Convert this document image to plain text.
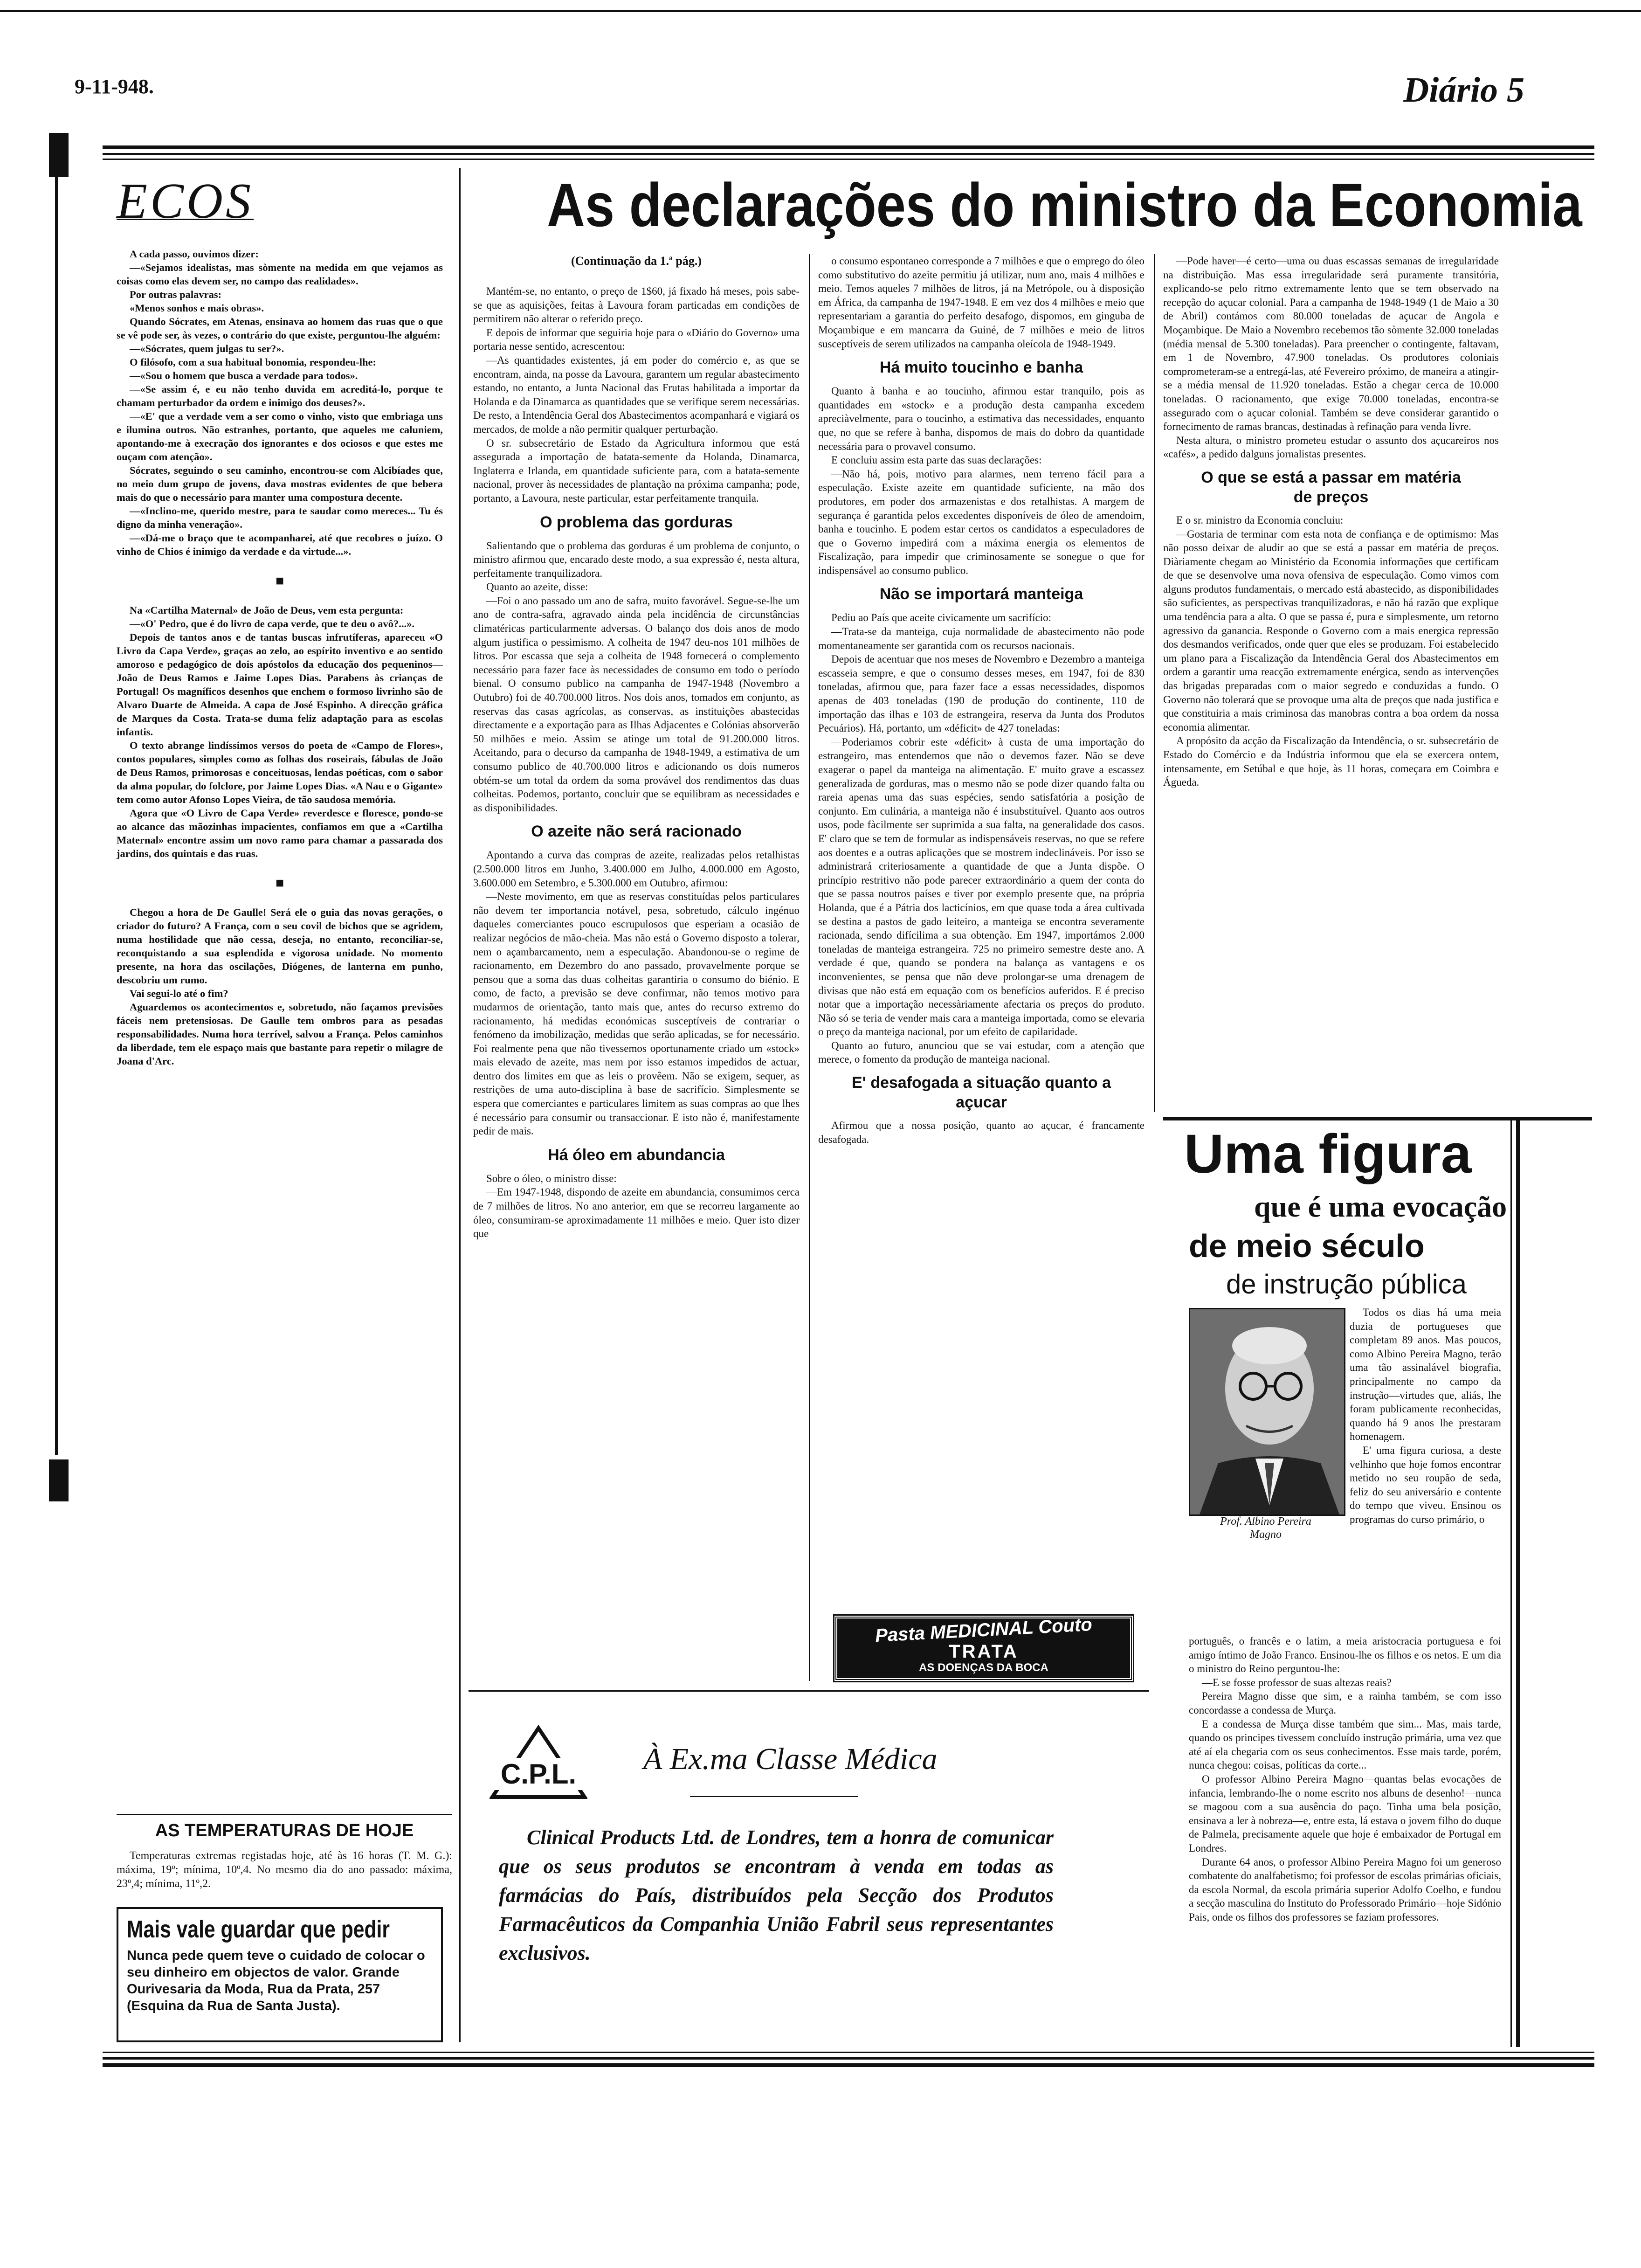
9-11-948.	Diário 5
ECOS

A cada passo, ouvimos dizer:

—«Sejamos idealistas, mas sòmente na medida em que vejamos as coisas como elas devem ser, no campo das realidades».

Por outras palavras:

«Menos sonhos e mais obras».

Quando Sócrates, em Atenas, ensinava ao homem das ruas que o que se vê pode ser, às vezes, o contrário do que existe, perguntou-lhe alguém:

—«Sócrates, quem julgas tu ser?».

O filósofo, com a sua habitual bonomia, respondeu-lhe:

—«Sou o homem que busca a verdade para todos».

—«Se assim é, e eu não tenho duvida em acreditá-lo, porque te chamam perturbador da ordem e inimigo dos deuses?».

—«E' que a verdade vem a ser como o vinho, visto que embriaga uns e ilumina outros. Não estranhes, portanto, que aqueles me caluniem, apontando-me à execração dos ignorantes e dos ociosos e que estes me ouçam com atenção».

Sócrates, seguindo o seu caminho, encontrou-se com Alcibíades que, no meio dum grupo de jovens, dava mostras evidentes de que bebera mais do que o necessário para manter uma compostura decente.

—«Inclino-me, querido mestre, para te saudar como mereces... Tu és digno da minha veneração».

—«Dá-me o braço que te acompanharei, até que recobres o juízo. O vinho de Chios é inimigo da verdade e da virtude...».

■

Na «Cartilha Maternal» de João de Deus, vem esta pergunta:

—«O' Pedro, que é do livro de capa verde, que te deu o avô?...».

Depois de tantos anos e de tantas buscas infrutíferas, apareceu «O Livro da Capa Verde», graças ao zelo, ao espírito inventivo e ao sentido amoroso e pedagógico de dois apóstolos da educação dos pequeninos—João de Deus Ramos e Jaime Lopes Dias. Parabens às crianças de Portugal! Os magníficos desenhos que enchem o formoso livrinho são de Alvaro Duarte de Almeida. A capa de José Espinho. A direcção gráfica de Marques da Costa. Trata-se duma feliz adaptação para as escolas infantis.

O texto abrange lindíssimos versos do poeta de «Campo de Flores», contos populares, simples como as folhas dos roseirais, fábulas de João de Deus Ramos, primorosas e conceituosas, lendas poéticas, com o sabor da alma popular, do folclore, por Jaime Lopes Dias. «A Nau e o Gigante» tem como autor Afonso Lopes Vieira, de tão saudosa memória.

Agora que «O Livro de Capa Verde» reverdesce e floresce, pondo-se ao alcance das mãozinhas impacientes, confiamos em que a «Cartilha Maternal» encontre assim um novo ramo para chamar a passarada dos jardins, dos quintais e das ruas.

■

Chegou a hora de De Gaulle! Será ele o guia das novas gerações, o criador do futuro? A França, com o seu covil de bichos que se agridem, numa hostilidade que não cessa, deseja, no entanto, reconciliar-se, reconquistando a sua esplendida e vigorosa unidade. No momento presente, na hora das oscilações, Diógenes, de lanterna em punho, descobriu um rumo.

Vai segui-lo até o fim?

Aguardemos os acontecimentos e, sobretudo, não façamos previsões fáceis nem pretensiosas. De Gaulle tem ombros para as pesadas responsabilidades. Numa hora terrível, salvou a França. Pelos caminhos da liberdade, tem ele espaço mais que bastante para repetir o milagre de Joana d'Arc.

AS TEMPERATURAS DE HOJE
Temperaturas extremas registadas hoje, até às 16 horas (T. M. G.): máxima, 19º; mínima, 10º,4. No mesmo dia do ano passado: máxima, 23º,4; mínima, 11º,2.
Mais vale guardar que pedir
Nunca pede quem teve o cuidado de colocar o seu dinheiro em objectos de valor. Grande Ourivesaria da Moda, Rua da Prata, 257 (Esquina da Rua de Santa Justa).
As declarações do ministro da Economia
(Continuação da 1.ª pág.)

Mantém-se, no entanto, o preço de 1$60, já fixado há meses, pois sabe-se que as aquisições, feitas à Lavoura foram particadas em condições de permitirem não alterar o referido preço.

E depois de informar que seguiria hoje para o «Diário do Governo» uma portaria nesse sentido, acrescentou:

—As quantidades existentes, já em poder do comércio e, as que se encontram, ainda, na posse da Lavoura, garantem um regular abastecimento estando, no entanto, a Junta Nacional das Frutas habilitada a importar da Holanda e da Dinamarca as quantidades que se verifique serem necessárias. De resto, a Intendência Geral dos Abastecimentos acompanhará e vigiará os mercados, de molde a não permitir qualquer perturbação.

O sr. subsecretário de Estado da Agricultura informou que está assegurada a importação de batata-semente da Holanda, Dinamarca, Inglaterra e Irlanda, em quantidade suficiente para, com a batata-semente nacional, prover às necessidades de plantação na próxima campanha; pode, portanto, a Lavoura, neste particular, estar perfeitamente tranquila.

O problema das gorduras

Salientando que o problema das gorduras é um problema de conjunto, o ministro afirmou que, encarado deste modo, a sua expressão é, nesta altura, perfeitamente tranquilizadora.

Quanto ao azeite, disse:

—Foi o ano passado um ano de safra, muito favorável. Segue-se-lhe um ano de contra-safra, agravado ainda pela incidência de circunstâncias climatéricas particularmente adversas. O balanço dos dois anos de modo algum justifica o pessimismo. A colheita de 1947 deu-nos 101 milhões de litros. Por escassa que seja a colheita de 1948 fornecerá o complemento necessário para fazer face às necessidades de consumo em todo o período bienal. O consumo publico na campanha de 1947-1948 (Novembro a Outubro) foi de 40.700.000 litros. Nos dois anos, tomados em conjunto, as reservas das casas agrícolas, as conservas, as instituições abastecidas directamente e a exportação para as Ilhas Adjacentes e Colónias absorverão 50 milhões e meio. Assim se atinge um total de 91.200.000 litros. Aceitando, para o decurso da campanha de 1948-1949, a estimativa de um consumo publico de 40.700.000 litros e adicionando os dois numeros obtém-se um total da ordem da soma provável dos rendimentos das duas colheitas. Podemos, portanto, concluir que se equilibram as necessidades e as disponibilidades.

O azeite não será racionado

Apontando a curva das compras de azeite, realizadas pelos retalhistas (2.500.000 litros em Junho, 3.400.000 em Julho, 4.000.000 em Agosto, 3.600.000 em Setembro, e 5.300.000 em Outubro, afirmou:

—Neste movimento, em que as reservas constituídas pelos particulares não devem ter importancia notável, pesa, sobretudo, cálculo ingénuo daqueles comerciantes pouco escrupulosos que esperiam a ocasião de realizar negócios de mão-cheia. Mas não está o Governo disposto a tolerar, nem o açambarcamento, nem a especulação. Abandonou-se o regime de racionamento, em Dezembro do ano passado, provavelmente porque se pensou que a soma das duas colheitas garantiria o consumo do biénio. E como, de facto, a previsão se deve confirmar, não temos motivo para mudarmos de orientação, tanto mais que, antes do recurso extremo do racionamento, há medidas económicas susceptíveis de contrariar o fenómeno da imobilização, medidas que serão aplicadas, se for necessário. Foi realmente pena que não tivessemos oportunamente criado um «stock» mais elevado de azeite, mas nem por isso estamos impedidos de actuar, dentro dos limites em que as leis o provêem. Não se exigem, sequer, as restrições de uma auto-disciplina à base de sacrifício. Simplesmente se espera que comerciantes e particulares limitem as suas compras ao que lhes é necessário para consumir ou transaccionar. E isto não é, manifestamente pedir de mais.

Há óleo em abundancia

Sobre o óleo, o ministro disse:

—Em 1947-1948, dispondo de azeite em abundancia, consumimos cerca de 7 milhões de litros. No ano anterior, em que se recorreu largamente ao óleo, consumiram-se aproximadamente 11 milhões e meio. Quer isto dizer que

o consumo espontaneo corresponde a 7 milhões e que o emprego do óleo como substitutivo do azeite permitiu já utilizar, num ano, mais 4 milhões e meio. Temos aqueles 7 milhões de litros, já na Metrópole, ou à disposição em África, da campanha de 1947-1948. E em vez dos 4 milhões e meio que representariam a garantia do perfeito desafogo, dispomos, em ginguba de Moçambique e em mancarra da Guiné, de 7 milhões e meio de litros susceptíveis de serem utilizados na campanha oleícola de 1948-1949.

Há muito toucinho e banha

Quanto à banha e ao toucinho, afirmou estar tranquilo, pois as quantidades em «stock» e a produção desta campanha excedem apreciàvelmente, para o toucinho, a estimativa das necessidades, enquanto que, no que se refere à banha, dispomos de mais do dobro da quantidade necessária para o provavel consumo.

E concluiu assim esta parte das suas declarações:

—Não há, pois, motivo para alarmes, nem terreno fácil para a especulação. Existe azeite em quantidade suficiente, na mão dos produtores, em poder dos armazenistas e dos retalhistas. A margem de segurança é garantida pelos excedentes disponíveis de óleo de amendoim, banha e toucinho. E podem estar certos os candidatos a especuladores de que o Governo impedirá com a máxima energia os elementos de Fiscalização, para impedir que criminosamente se sonegue o que for indispensável ao consumo publico.

Não se importará manteiga

Pediu ao País que aceite civicamente um sacrifício:

—Trata-se da manteiga, cuja normalidade de abastecimento não pode momentaneamente ser garantida com os recursos nacionais.

Depois de acentuar que nos meses de Novembro e Dezembro a manteiga escasseia sempre, e que o consumo desses meses, em 1947, foi de 830 toneladas, afirmou que, para fazer face a essas necessidades, dispomos apenas de 403 toneladas (190 de produção do continente, 110 de importação das ilhas e 103 de estrangeira, reserva da Junta dos Produtos Pecuários). Há, portanto, um «déficit» de 427 toneladas:

—Poderiamos cobrir este «déficit» à custa de uma importação do estrangeiro, mas entendemos que não o devemos fazer. Não se deve exagerar o papel da manteiga na alimentação. E' muito grave a escassez generalizada de gorduras, mas o mesmo não se pode dizer quando falta ou rareia apenas uma das suas espécies, sendo satisfatória a posição de conjunto. Em culinária, a manteiga não é insubstituível. Quanto aos outros usos, pode fàcilmente ser suprimida a sua falta, na generalidade dos casos. E' claro que se tem de formular as indispensáveis reservas, no que se refere aos doentes e a outras aplicações que se mostrem indeclináveis. Por isso se administrará criteriosamente a quantidade de que a Junta dispõe. O princípio restritivo não pode parecer extraordinário a quem der conta do que se passa noutros países e tiver por exemplo presente que, na própria Holanda, que é a Pátria dos lacticínios, em que quase toda a área cultivada se destina a pastos de gado leiteiro, a manteiga se encontra severamente racionada, sendo difícilima a sua obtenção. Em 1947, importámos 2.000 toneladas de manteiga estrangeira. 725 no primeiro semestre deste ano. A verdade é que, quando se pondera na balança as vantagens e os inconvenientes, se pensa que não deve prolongar-se uma drenagem de divisas que não está em equação com os benefícios auferidos. E é preciso notar que a importação necessàriamente afectaria os preços do produto. Não só se teria de vender mais cara a manteiga importada, como se elevaria o preço da manteiga nacional, por um efeito de capilaridade.

Quanto ao futuro, anunciou que se vai estudar, com a atenção que merece, o fomento da produção de manteiga nacional.

E' desafogada a situação quanto a açucar

Afirmou que a nossa posição, quanto ao açucar, é francamente desafogada.

Pasta MEDICINAL Couto
TRATA
AS DOENÇAS DA BOCA

—Pode haver—é certo—uma ou duas escassas semanas de irregularidade na distribuição. Mas essa irregularidade será puramente transitória, explicando-se pelo ritmo extremamente lento que se tem observado na recepção do açucar colonial. Para a campanha de 1948-1949 (1 de Maio a 30 de Abril) contámos com 80.000 toneladas de açucar de Angola e Moçambique. De Maio a Novembro recebemos tão sòmente 32.000 toneladas (média mensal de 5.300 toneladas). Para preencher o contingente, faltavam, em 1 de Novembro, 47.900 toneladas. Os produtores coloniais comprometeram-se a entregá-las, até Fevereiro próximo, de maneira a atingir-se a média mensal de 11.920 toneladas. Estão a chegar cerca de 10.000 toneladas. O racionamento, que exige 70.000 toneladas, encontra-se assegurado com o açucar colonial. Também se deve considerar garantido o fornecimento de ramas brancas, destinadas à refinação para venda livre.

Nesta altura, o ministro prometeu estudar o assunto dos açucareiros nos «cafés», a pedido dalguns jornalistas presentes.

O que se está a passar em matéria de preços

E o sr. ministro da Economia concluiu:

—Gostaria de terminar com esta nota de confiança e de optimismo: Mas não posso deixar de aludir ao que se está a passar em matéria de preços. Diàriamente chegam ao Ministério da Economia informações que certificam de que se desenvolve uma nova ofensiva de especulação. Como vimos com alguns produtos fundamentais, o mercado está abastecido, as disponibilidades são suficientes, as perspectivas tranquilizadoras, e não há razão que explique uma tendência para a alta. O que se passa é, pura e simplesmente, um retorno agressivo da ganancia. Responde o Governo com a mais energica repressão dos desmandos verificados, onde quer que eles se produzam. Foi estabelecido um plano para a Fiscalização da Intendência Geral dos Abastecimentos em ordem a garantir uma reacção extremamente enérgica, sendo as intervenções das brigadas preparadas com o maior segredo e conduzidas a fundo. O Governo não tolerará que se provoque uma alta de preços que nada justifica e que constituiria a mais criminosa das manobras contra a boa ordem da nossa economia alimentar.

A propósito da acção da Fiscalização da Intendência, o sr. subsecretário de Estado do Comércio e da Indústria informou que ela se exercera ontem, intensamente, em Setúbal e que hoje, às 11 horas, começara em Coimbra e Águeda.

Uma figura
que é uma evocação
de meio século
de instrução pública
Prof. Albino Pereira
Magno

Todos os dias há uma meia duzia de portugueses que completam 89 anos. Mas poucos, como Albino Pereira Magno, terão uma tão assinalável biografia, principalmente no campo da instrução—virtudes que, aliás, lhe foram publicamente reconhecidas, quando há 9 anos lhe prestaram homenagem.

E' uma figura curiosa, a deste velhinho que hoje fomos encontrar metido no seu roupão de seda, feliz do seu aniversário e contente do tempo que viveu. Ensinou os programas do curso primário, o

português, o francês e o latim, a meia aristocracia portuguesa e foi amigo íntimo de João Franco. Ensinou-lhe os filhos e os netos. E um dia o ministro do Reino perguntou-lhe:

—E se fosse professor de suas altezas reais?

Pereira Magno disse que sim, e a rainha também, se com isso concordasse a condessa de Murça.

E a condessa de Murça disse também que sim... Mas, mais tarde, quando os principes tivessem concluído instrução primária, uma vez que até aí ela chegaria com os seus conhecimentos. Esse mais tarde, porém, nunca chegou: coisas, políticas da corte...

O professor Albino Pereira Magno—quantas belas evocações de infancia, lembrando-lhe o nome escrito nos albuns de desenho!—nunca se magoou com a sua ausência do paço. Tinha uma bela posição, ensinava a ler à nobreza—e, entre esta, lá estava o jovem filho do duque de Palmela, precisamente aquele que hoje é embaixador de Portugal em Londres.

Durante 64 anos, o professor Albino Pereira Magno foi um generoso combatente do analfabetismo; foi professor de escolas primárias oficiais, da escola Normal, da escola primária superior Adolfo Coelho, e fundou a secção masculina do Instituto do Professorado Primário—hoje Sidónio Pais, onde os filhos dos professores se faziam professores.

C.P.L.	À Ex.ma Classe Médica
Clinical Products Ltd. de Londres, tem a honra de comunicar que os seus produtos se encontram à venda em todas as farmácias do País, distribuídos pela Secção dos Produtos Farmacêuticos da Companhia União Fabril seus representantes exclusivos.
